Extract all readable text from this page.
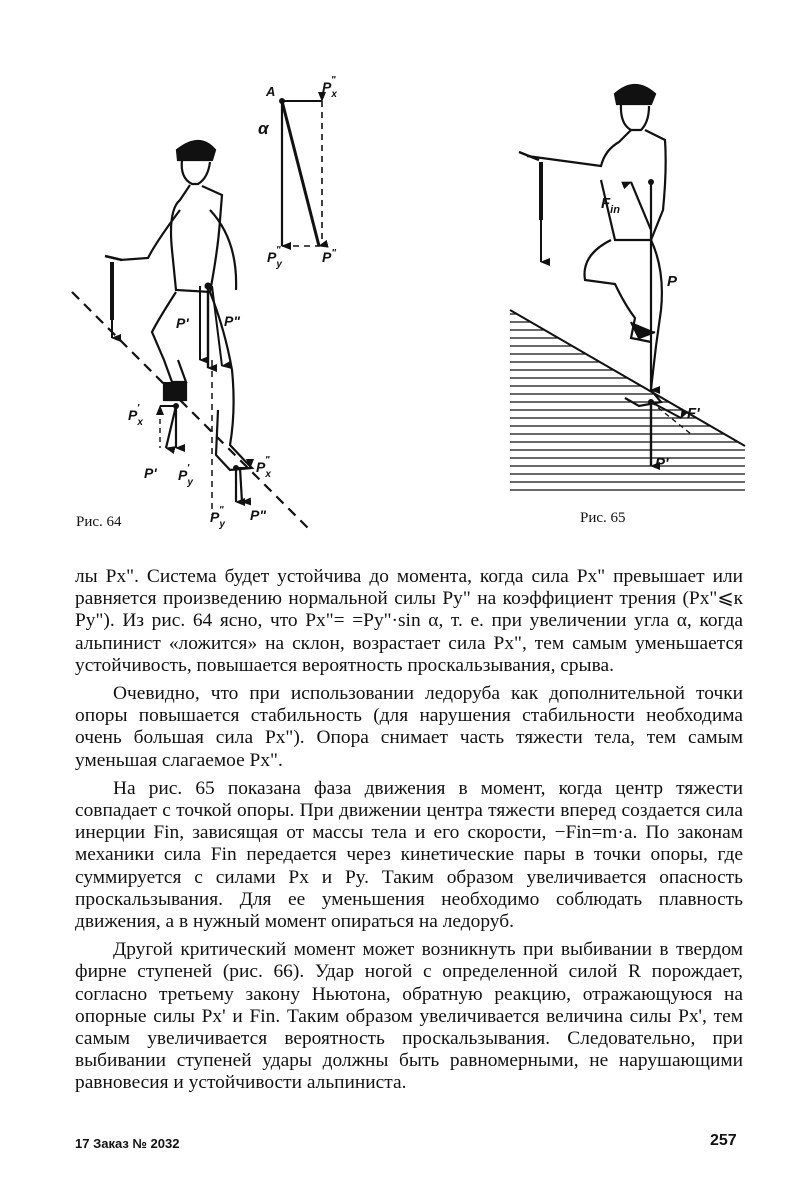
A
α
$P_x$"
$P_y$"	P"
P'	P"
$P_x'$
P' $P_y'$	$P_x$"
$P_y$" P"
Рис. 64
$F_{in}$
P
F'
P'
Рис. 65

лы Px". Система будет устойчива до момента, когда сила Px" превышает или равняется произведению нормальной силы Py" на коэффициент трения (Px"⩽к Py"). Из рис. 64 ясно, что Px"= =Py"·sin α, т. е. при увеличении угла α, когда альпинист «ложится» на склон, возрастает сила Px", тем самым уменьшается устойчивость, повышается вероятность проскальзывания, срыва.

Очевидно, что при использовании ледоруба как дополнительной точки опоры повышается стабильность (для нарушения стабильности необходима очень большая сила Px"). Опора снимает часть тяжести тела, тем самым уменьшая слагаемое Px".

На рис. 65 показана фаза движения в момент, когда центр тяжести совпадает с точкой опоры. При движении центра тяжести вперед создается сила инерции Fin, зависящая от массы тела и его скорости, −Fin=m·a. По законам механики сила Fin передается через кинетические пары в точки опоры, где суммируется с силами Px и Py. Таким образом увеличивается опасность проскальзывания. Для ее уменьшения необходимо соблюдать плавность движения, а в нужный момент опираться на ледоруб.

Другой критический момент может возникнуть при выбивании в твердом фирне ступеней (рис. 66). Удар ногой с определенной силой R порождает, согласно третьему закону Ньютона, обратную реакцию, отражающуюся на опорные силы Px' и Fin. Таким образом увеличивается величина силы Px', тем самым увеличивается вероятность проскальзывания. Следовательно, при выбивании ступеней удары должны быть равномерными, не нарушающими равновесия и устойчивости альпиниста.

17 Заказ № 2032	257
